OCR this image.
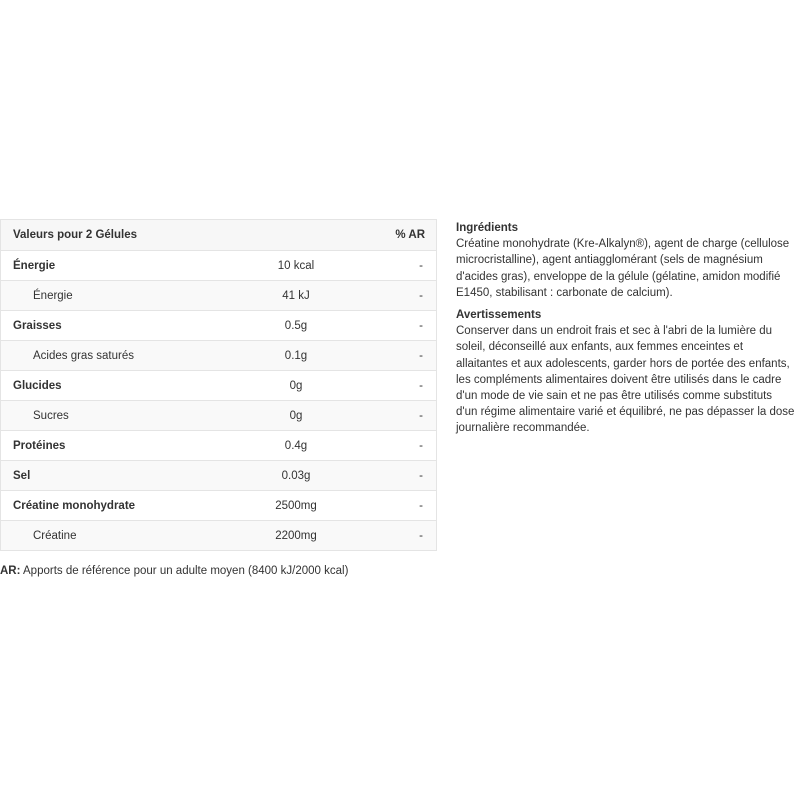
Valeurs pour 2 Gélules	% AR
Énergie	10 kcal	-
Énergie	41 kJ	-
Graisses	0.5g	-
Acides gras saturés	0.1g	-
Glucides	0g	-
Sucres	0g	-
Protéines	0.4g	-
Sel	0.03g	-
Créatine monohydrate	2500mg	-
Créatine	2200mg	-
AR: Apports de référence pour un adulte moyen (8400 kJ/2000 kcal)
Ingrédients

Créatine monohydrate (Kre-Alkalyn®), agent de charge (cellulose microcristalline), agent antiagglomérant (sels de magnésium d'acides gras), enveloppe de la gélule (gélatine, amidon modifié E1450, stabilisant : carbonate de calcium).

Avertissements

Conserver dans un endroit frais et sec à l'abri de la lumière du soleil, déconseillé aux enfants, aux femmes enceintes et allaitantes et aux adolescents, garder hors de portée des enfants, les compléments alimentaires doivent être utilisés dans le cadre d'un mode de vie sain et ne pas être utilisés comme substituts d'un régime alimentaire varié et équilibré, ne pas dépasser la dose journalière recommandée.
